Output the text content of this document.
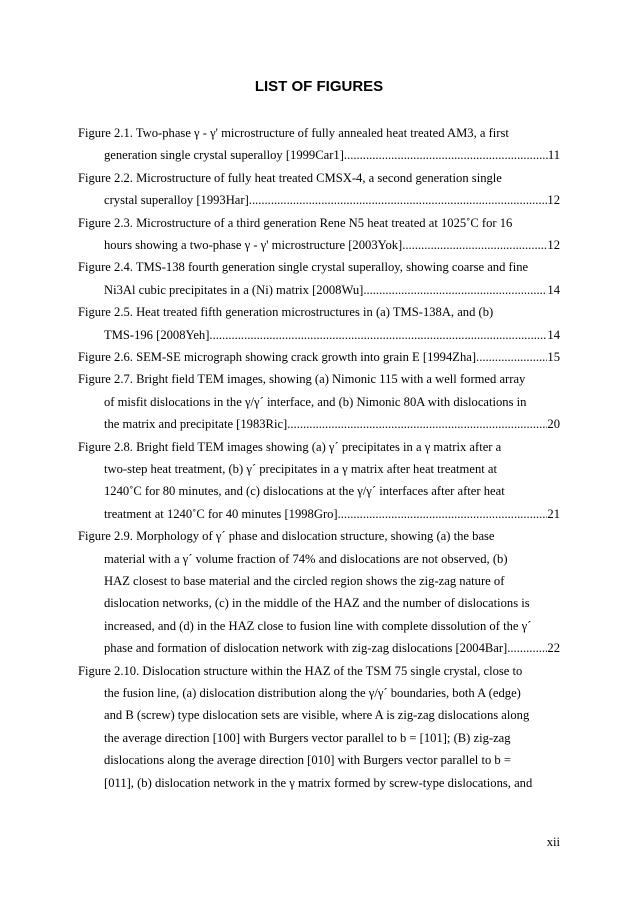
LIST OF FIGURES
Figure 2.1. Two-phase γ - γ' microstructure of fully annealed heat treated AM3, a first
generation single crystal superalloy [1999Car1]. .....	11
Figure 2.2. Microstructure of fully heat treated CMSX-4, a second generation single
crystal superalloy [1993Har]. .....	12
Figure 2.3. Microstructure of a third generation Rene N5 heat treated at 1025˚C for 16
hours showing a two-phase γ - γ' microstructure [2003Yok]. .....	12
Figure 2.4. TMS-138 fourth generation single crystal superalloy, showing coarse and fine
Ni3Al cubic precipitates in a (Ni) matrix [2008Wu]. .....	14
Figure 2.5. Heat treated fifth generation microstructures in (a) TMS-138A, and (b)
TMS-196 [2008Yeh]. .....	14
Figure 2.6. SEM-SE micrograph showing crack growth into grain E [1994Zha]. .....	15
Figure 2.7. Bright field TEM images, showing (a) Nimonic 115 with a well formed array
of misfit dislocations in the γ/γ´ interface, and (b) Nimonic 80A with dislocations in
the matrix and precipitate [1983Ric]. .....	20
Figure 2.8. Bright field TEM images showing (a) γ´ precipitates in a γ matrix after a
two-step heat treatment, (b) γ´ precipitates in a γ matrix after heat treatment at
1240˚C for 80 minutes, and (c) dislocations at the γ/γ´ interfaces after after heat
treatment at 1240˚C for 40 minutes [1998Gro]. .....	21
Figure 2.9. Morphology of γ´ phase and dislocation structure, showing (a) the base
material with a γ´ volume fraction of 74% and dislocations are not observed, (b)
HAZ closest to base material and the circled region shows the zig-zag nature of
dislocation networks, (c) in the middle of the HAZ and the number of dislocations is
increased, and (d) in the HAZ close to fusion line with complete dissolution of the γ´
phase and formation of dislocation network with zig-zag dislocations [2004Bar]. .....	22
Figure 2.10. Dislocation structure within the HAZ of the TSM 75 single crystal, close to
the fusion line, (a) dislocation distribution along the γ/γ´ boundaries, both A (edge)
and B (screw) type dislocation sets are visible, where A is zig-zag dislocations along
the average direction [100] with Burgers vector parallel to b = [101]; (B) zig-zag
dislocations along the average direction [010] with Burgers vector parallel to b =
[011], (b) dislocation network in the γ matrix formed by screw-type dislocations, and
xii
